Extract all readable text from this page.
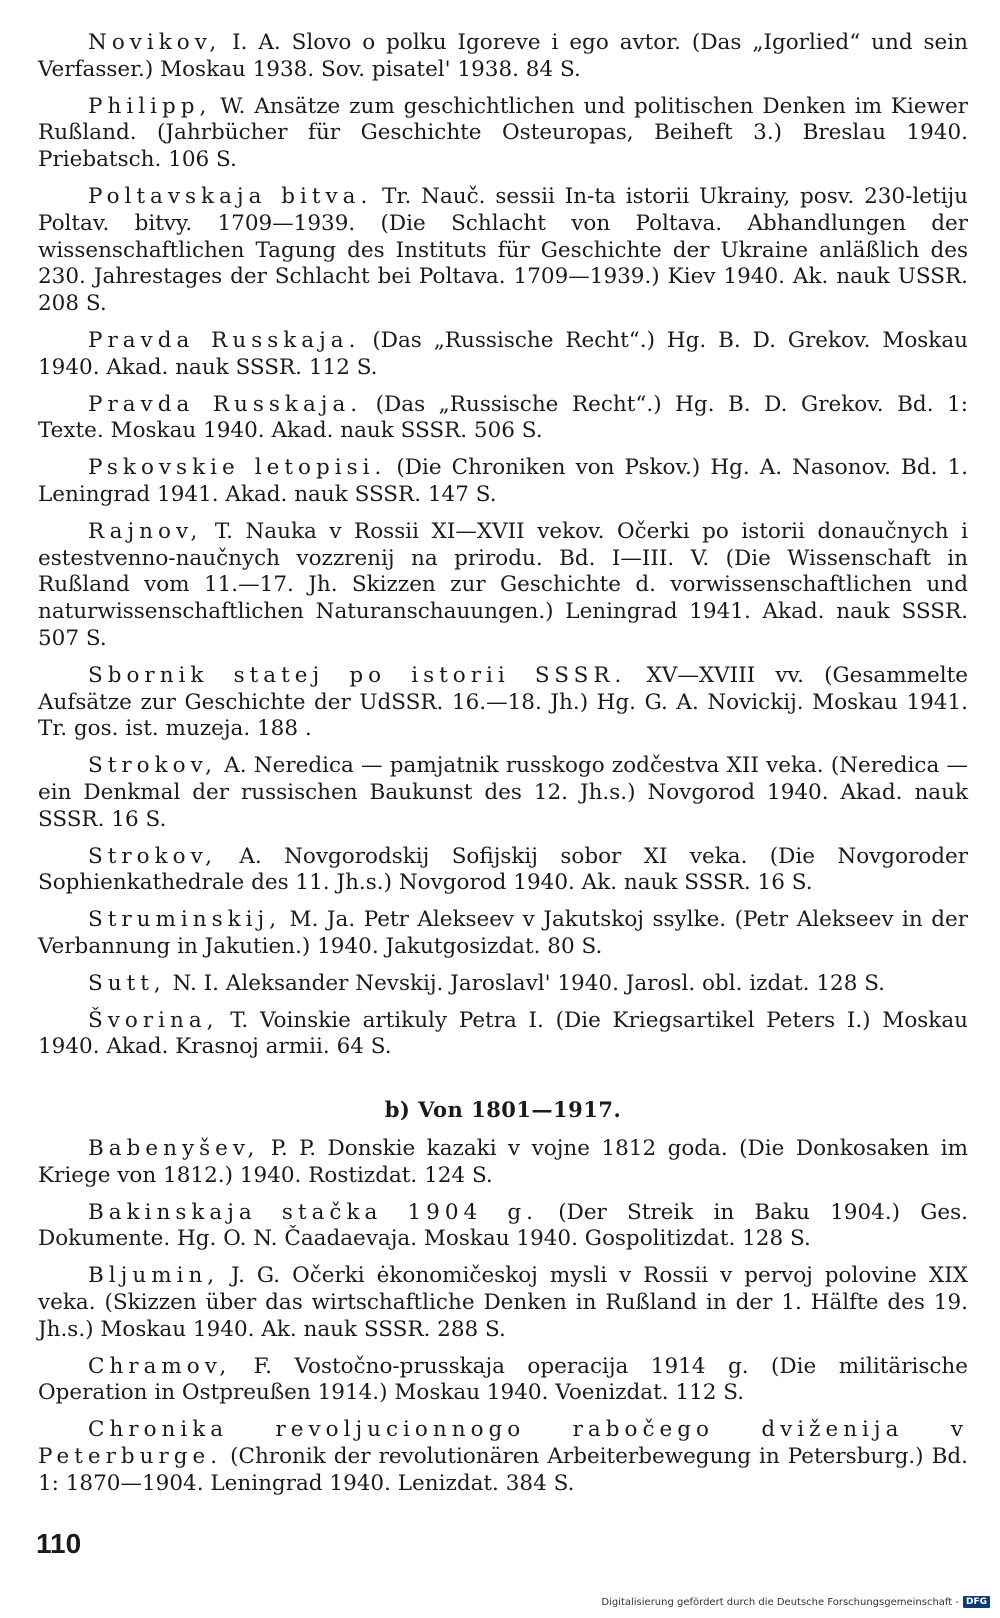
Novikov, I. A. Slovo o polku Igoreve i ego avtor. (Das „Igorlied“ und sein Verfasser.) Moskau 1938. Sov. pisatel' 1938. 84 S.

Philipp, W. Ansätze zum geschichtlichen und politischen Denken im Kiewer Rußland. (Jahrbücher für Geschichte Osteuropas, Beiheft 3.) Breslau 1940. Priebatsch. 106 S.

Poltavskaja bitva. Tr. Nauč. sessii In-ta istorii Ukrainy, posv. 230-letiju Poltav. bitvy. 1709—1939. (Die Schlacht von Poltava. Abhandlungen der wissenschaftlichen Tagung des Instituts für Geschichte der Ukraine anläßlich des 230. Jahrestages der Schlacht bei Poltava. 1709—1939.) Kiev 1940. Ak. nauk USSR. 208 S.

Pravda Russkaja. (Das „Russische Recht“.) Hg. B. D. Grekov. Moskau 1940. Akad. nauk SSSR. 112 S.

Pravda Russkaja. (Das „Russische Recht“.) Hg. B. D. Grekov. Bd. 1: Texte. Moskau 1940. Akad. nauk SSSR. 506 S.

Pskovskie letopisi. (Die Chroniken von Pskov.) Hg. A. Nasonov. Bd. 1. Leningrad 1941. Akad. nauk SSSR. 147 S.

Rajnov, T. Nauka v Rossii XI—XVII vekov. Očerki po istorii donaučnych i estestvenno-naučnych vozzrenij na prirodu. Bd. I—III. V. (Die Wissenschaft in Rußland vom 11.—17. Jh. Skizzen zur Geschichte d. vorwissenschaftlichen und naturwissenschaftlichen Naturanschauungen.) Leningrad 1941. Akad. nauk SSSR. 507 S.

Sbornik statej po istorii SSSR. XV—XVIII vv. (Gesammelte Aufsätze zur Geschichte der UdSSR. 16.—18. Jh.) Hg. G. A. Novickij. Moskau 1941. Tr. gos. ist. muzeja. 188 .

Strokov, A. Neredica — pamjatnik russkogo zodčestva XII veka. (Neredica — ein Denkmal der russischen Baukunst des 12. Jh.s.) Novgorod 1940. Akad. nauk SSSR. 16 S.

Strokov, A. Novgorodskij Sofijskij sobor XI veka. (Die Novgoroder Sophienkathedrale des 11. Jh.s.) Novgorod 1940. Ak. nauk SSSR. 16 S.

Struminskij, M. Ja. Petr Alekseev v Jakutskoj ssylke. (Petr Alekseev in der Verbannung in Jakutien.) 1940. Jakutgosizdat. 80 S.

Sutt, N. I. Aleksander Nevskij. Jaroslavl' 1940. Jarosl. obl. izdat. 128 S.

Švorina, T. Voinskie artikuly Petra I. (Die Kriegsartikel Peters I.) Moskau 1940. Akad. Krasnoj armii. 64 S.

b) Von 1801—1917.

Babenyšev, P. P. Donskie kazaki v vojne 1812 goda. (Die Donkosaken im Kriege von 1812.) 1940. Rostizdat. 124 S.

Bakinskaja stačka 1904 g. (Der Streik in Baku 1904.) Ges. Dokumente. Hg. O. N. Čaadaevaja. Moskau 1940. Gospolitizdat. 128 S.

Bljumin, J. G. Očerki ėkonomičeskoj mysli v Rossii v pervoj polovine XIX veka. (Skizzen über das wirtschaftliche Denken in Rußland in der 1. Hälfte des 19. Jh.s.) Moskau 1940. Ak. nauk SSSR. 288 S.

Chramov, F. Vostočno-prusskaja operacija 1914 g. (Die militärische Operation in Ostpreußen 1914.) Moskau 1940. Voenizdat. 112 S.

Chronika revoljucionnogo rabočego dviženija v Peterburge. (Chronik der revolutionären Arbeiterbewegung in Petersburg.) Bd. 1: 1870—1904. Leningrad 1940. Lenizdat. 384 S.

110
Digitalisierung gefördert durch die Deutsche Forschungsgemeinschaft - DFG
